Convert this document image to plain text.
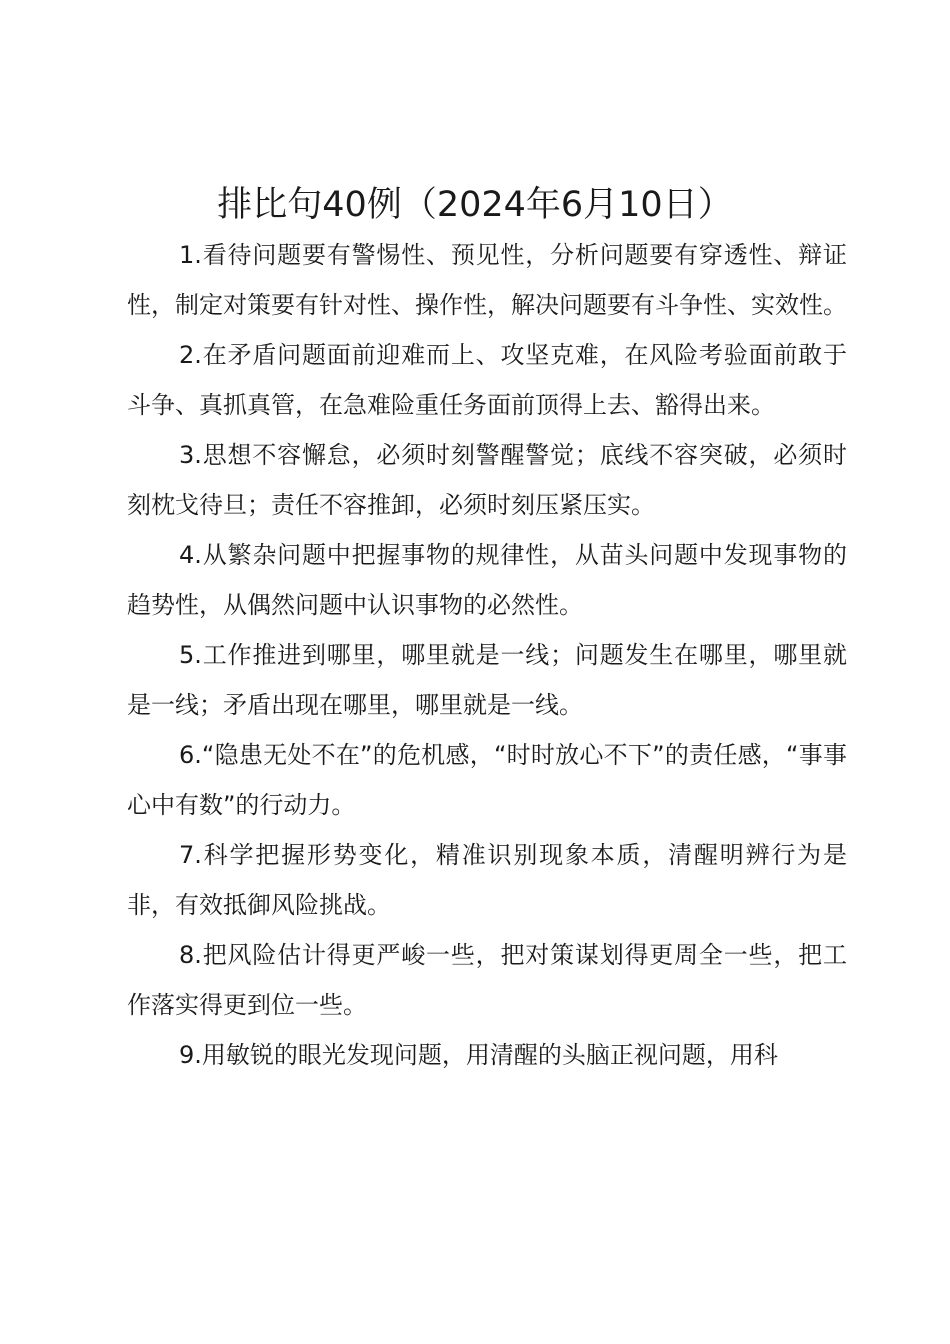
排比句40例（2024年6月10日）

1.看待问题要有警惕性、预见性，分析问题要有穿透性、辩证性，制定对策要有针对性、操作性，解决问题要有斗争性、实效性。

2.在矛盾问题面前迎难而上、攻坚克难，在风险考验面前敢于斗争、真抓真管，在急难险重任务面前顶得上去、豁得出来。

3.思想不容懈怠，必须时刻警醒警觉；底线不容突破，必须时刻枕戈待旦；责任不容推卸，必须时刻压紧压实。

4.从繁杂问题中把握事物的规律性，从苗头问题中发现事物的趋势性，从偶然问题中认识事物的必然性。

5.工作推进到哪里，哪里就是一线；问题发生在哪里，哪里就是一线；矛盾出现在哪里，哪里就是一线。

6.“隐患无处不在”的危机感，“时时放心不下”的责任感，“事事心中有数”的行动力。

7.科学把握形势变化，精准识别现象本质，清醒明辨行为是非，有效抵御风险挑战。

8.把风险估计得更严峻一些，把对策谋划得更周全一些，把工作落实得更到位一些。

9.用敏锐的眼光发现问题，用清醒的头脑正视问题，用科
